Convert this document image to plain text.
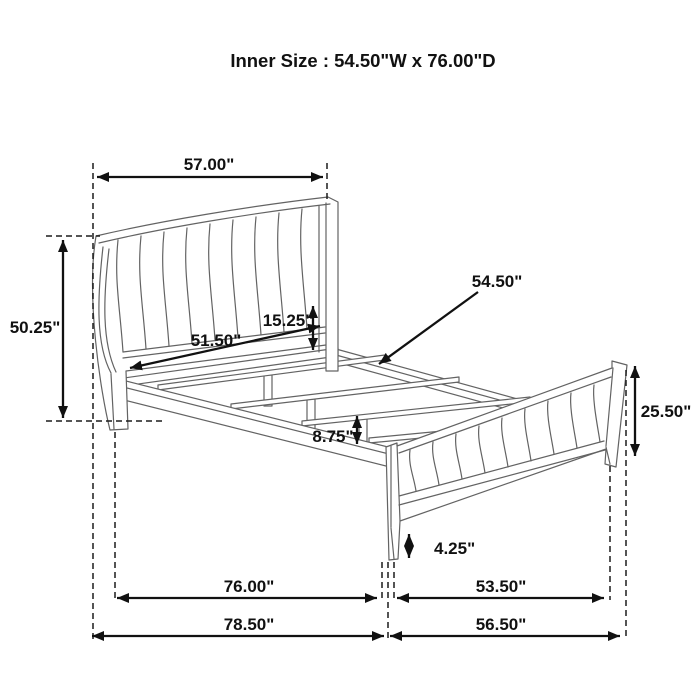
Inner Size : 54.50"W x 76.00"D
57.00"
50.25"
51.50"
15.25"
54.50"
8.75"
25.50"
4.25"
76.00"	53.50"
78.50"	56.50"
